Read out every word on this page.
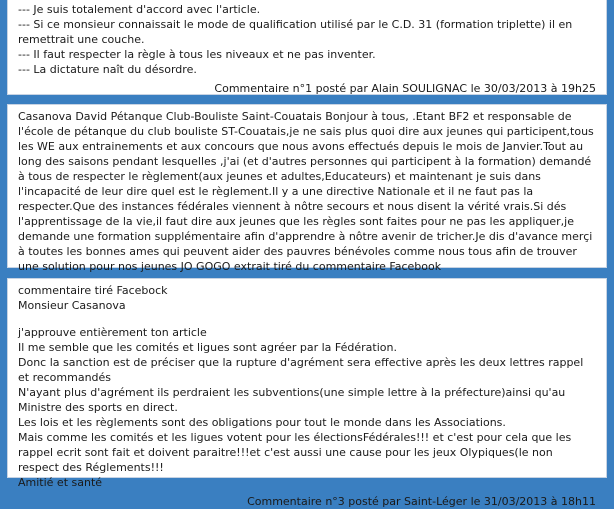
--- Je suis totalement d'accord avec l'article.
--- Si ce monsieur connaissait le mode de qualification utilisé par le C.D. 31 (formation triplette) il en remettrait une couche.
--- Il faut respecter la règle à tous les niveaux et ne pas inventer.
--- La dictature naît du désordre.
Commentaire n°1 posté par Alain SOULIGNAC le 30/03/2013 à 19h25
Casanova David Pétanque Club-Bouliste Saint-Couatais Bonjour à tous, .Etant BF2 et responsable de l'école de pétanque du club bouliste ST-Couatais,je ne sais plus quoi dire aux jeunes qui participent,tous les WE aux entrainements et aux concours que nous avons effectués depuis le mois de Janvier.Tout au long des saisons pendant lesquelles ,j'ai (et d'autres personnes qui participent à la formation) demandé à tous de respecter le règlement(aux jeunes et adultes,Educateurs) et maintenant je suis dans l'incapacité de leur dire quel est le règlement.Il y a une directive Nationale et il ne faut pas la respecter.Que des instances fédérales viennent à nôtre secours et nous disent la vérité vrais.Si dés l'apprentissage de la vie,il faut dire aux jeunes que les règles sont faites pour ne pas les appliquer,je demande une formation supplémentaire afin d'apprendre à nôtre avenir de tricher.Je dis d'avance merçi à toutes les bonnes ames qui peuvent aider des pauvres bénévoles comme nous tous afin de trouver une solution pour nos jeunes JO GOGO extrait tiré du commentaire Facebook
commentaire tiré Facebock
Monsieur Casanova
j'approuve entièrement ton article
Il me semble que les comités et ligues sont agréer par la Fédération.
Donc la sanction est de préciser que la rupture d'agrément sera effective après les deux lettres rappel et recommandés
N'ayant plus d'agrément ils perdraient les subventions(une simple lettre à la préfecture)ainsi qu'au Ministre des sports en direct.
Les lois et les règlements sont des obligations pour tout le monde dans les Associations.
Mais comme les comités et les ligues votent pour les électionsFédérales!!! et c'est pour cela que les rappel ecrit sont fait et doivent paraitre!!!et c'est aussi une cause pour les jeux Olypiques(le non respect des Réglements!!!
Amitié et santé
Commentaire n°3 posté par Saint-Léger le 31/03/2013 à 18h11
